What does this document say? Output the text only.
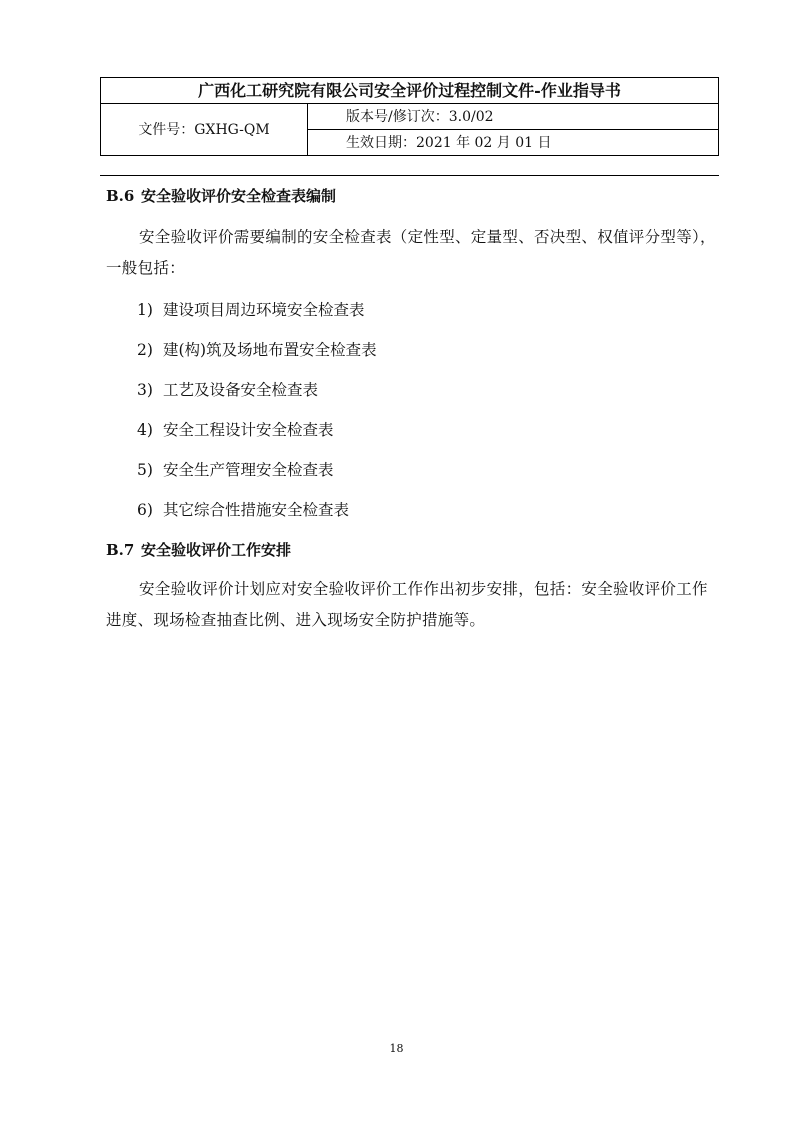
广西化工研究院有限公司安全评价过程控制文件-作业指导书
文件号：GXHG-QM
版本号/修订次：3.0/02
生效日期：2021 年 02 月 01 日
B.6 安全验收评价安全检查表编制
安全验收评价需要编制的安全检查表（定性型、定量型、否决型、权值评分型等），一般包括：
1) 建设项目周边环境安全检查表
2) 建(构)筑及场地布置安全检查表
3) 工艺及设备安全检查表
4) 安全工程设计安全检查表
5) 安全生产管理安全检查表
6) 其它综合性措施安全检查表
B.7 安全验收评价工作安排
安全验收评价计划应对安全验收评价工作作出初步安排，包括：安全验收评价工作进度、现场检查抽查比例、进入现场安全防护措施等。
18
